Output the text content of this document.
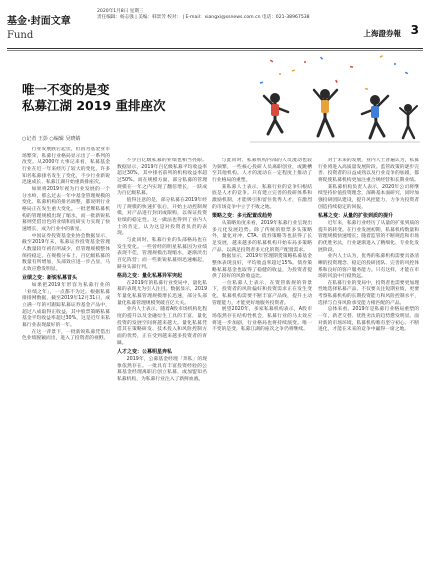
基金·封面文章
Fund
2020年1月8日 星期三
责任编辑：杨志强 | 美编：韩景芳 校对： | E-mail：xiangxi@ssnews.com.cn 电话：021-38967538
上海證券報 3
唯一不变的是变
私募江湖 2019 重排座次
○记者 王彭 ○编辑 吴晓婧

行业发展跌宕起伏，但因为基金业市场繁荣，私募行业格局显示出了一系列的改变。从2000年大事记来看，私募基金行业在近一年来经历了较大的变化，许多知名私募排名发生了变化，不少行业新锐迅速成长、私募江湖开始重新排座次。

如果将2019年视为行业发展的一个分水岭，那么过去一年中基金管理规模的变化、私募机构的排名调整，都说明行业格局正在发生重大变化。一批老牌私募机构的管理规模出现了缩水，而一批新锐私募则凭借出色的业绩和投研实力实现了快速增长，成为行业中的新星。

中国证券投资基金业协会数据显示，截至2019年末，私募证券投资基金管理人数量较年初有所减少，但管理规模整体保持稳定。在规模分布上，百亿级私募的数量有所增加，头部效应进一步凸显，马太效应愈发明显。

业绩之变：新锐私募冒头

如果把2019年形容为私募行业的「业绩之年」，一点都不为过。根据私募排排网数据，截至2019年12月31日，成立满一年的可跟踪私募证券基金产品中，超过八成取得正收益，其中股票策略私募基金平均收益率超过30%，这是近年来私募行业表现最好的一年。

在这一背景下，一批新锐私募凭借出色业绩脱颖而出，进入了投资者的视野。

不少百亿级私募的业绩也相当亮眼。数据显示，2019年百亿级私募平均收益率超过30%，其中排名前列的机构收益率超过50%。而在规模方面，部分私募的管理规模在一年之内实现了翻倍增长，一跃成为百亿级私募。

值得注意的是，部分私募在2019年经历了规模的快速扩张后，开始主动控制规模，对产品进行封闭或限购，以保证投资业绩的稳定性。这一做法也得到了业内人士的肯定，认为这是对投资者负责的表现。

与此同时，私募行业的头部格局也在发生变化。一些曾经的明星私募因为业绩表现不佳，管理规模出现缩水，逐渐淡出百亿阵营；而一些新锐私募则迅速崛起，跻身头部行列。

格局之变：量化私募异军突起

在2019年的私募行业变局中，量化私募的表现尤为引人注目。数据显示，2019年量化私募管理规模增长迅速，部分头部量化私募管理规模突破百亿大关。

业内人士表示，随着A股市场机构化程度的提升以及金融衍生工具的丰富，量化投资的发展空间将越来越大。量化私募凭借其在策略研发、技术投入和风险控制方面的优势，正在受到越来越多投资者的青睐。

人才之变：公募明星奔私

2019年，公募基金经理「奔私」的现象依然存在。一批具有丰富投资经验的公募基金经理离职后创立私募，或加盟知名私募机构，为私募行业注入了新鲜血液。

与此同时，私募机构内部的人员流动也较为频繁，一些核心投研人员离职创业，或跳槽至其他机构。人才的流动在一定程度上推动了行业格局的重塑。

某私募人士表示，私募行业的竞争归根结底是人才的竞争。只有建立完善的投研体系和激励机制，才能吸引和留住优秀人才，在激烈的市场竞争中立于不败之地。

策略之变：多元配置成趋势

从策略角度来看，2019年私募行业呈现出多元化发展趋势。除了传统的股票多头策略外，量化对冲、CTA、债券策略等也获得了长足发展，越来越多的私募机构开始布局多策略产品，以满足投资者多元化的资产配置需求。

数据显示，2019年管理期货策略私募基金整体表现良好，平均收益率超过15%。债券策略私募基金也取得了稳健的收益，为投资者提供了较好的风险收益比。

一位私募人士表示，在资管新规的背景下，投资者的风险偏好和投资需求正在发生变化，私募机构需要不断丰富产品线，提升主动管理能力，才能更好地服务投资者。

展望2020年，多家私募机构表示，A股市场依然存在结构性机会，私募行业的马太效应将进一步加剧，行业格局也将持续演变。唯一不变的是变，私募江湖的座次之争仍将继续。

对于未来的发展，业内人士普遍认为，私募行业将进入高质量发展阶段。监管政策的逐步完善、投资者的日益成熟以及行业竞争的加剧，都将促使私募机构更加注重合规经营和长期业绩。

某私募机构负责人表示，2020年公司将继续坚持价值投资理念，深耕基本面研究，同时加强投研团队建设，提升风控能力，力争为投资者创造持续稳定的回报。

私募之变：从量的扩张到质的提升

近年来，私募行业经历了从量的扩张到质的提升的转变。在行业发展初期，私募机构数量和管理规模快速增长；随着监管的不断规范和市场的优胜劣汰，行业逐渐进入了精细化、专业化发展阶段。

业内人士认为，优秀的私募机构需要具备清晰的投资理念、稳定的投研团队、完善的风控体系和良好的客户服务能力。只有这样，才能在市场的风浪中行稳致远。

在私募行业的变局中，投资者也需要更加理性地选择私募产品，不仅要关注短期业绩，更要考察私募机构的长期投资能力和风险控制水平，选择与自身风险承受能力相匹配的产品。

总体来看，2019年是私募行业格局重塑的一年，新老交替、优胜劣汰的趋势愈发明显。面对新的市场环境，私募机构唯有坚守初心、不断进化，才能在未来的竞争中赢得一席之地。
